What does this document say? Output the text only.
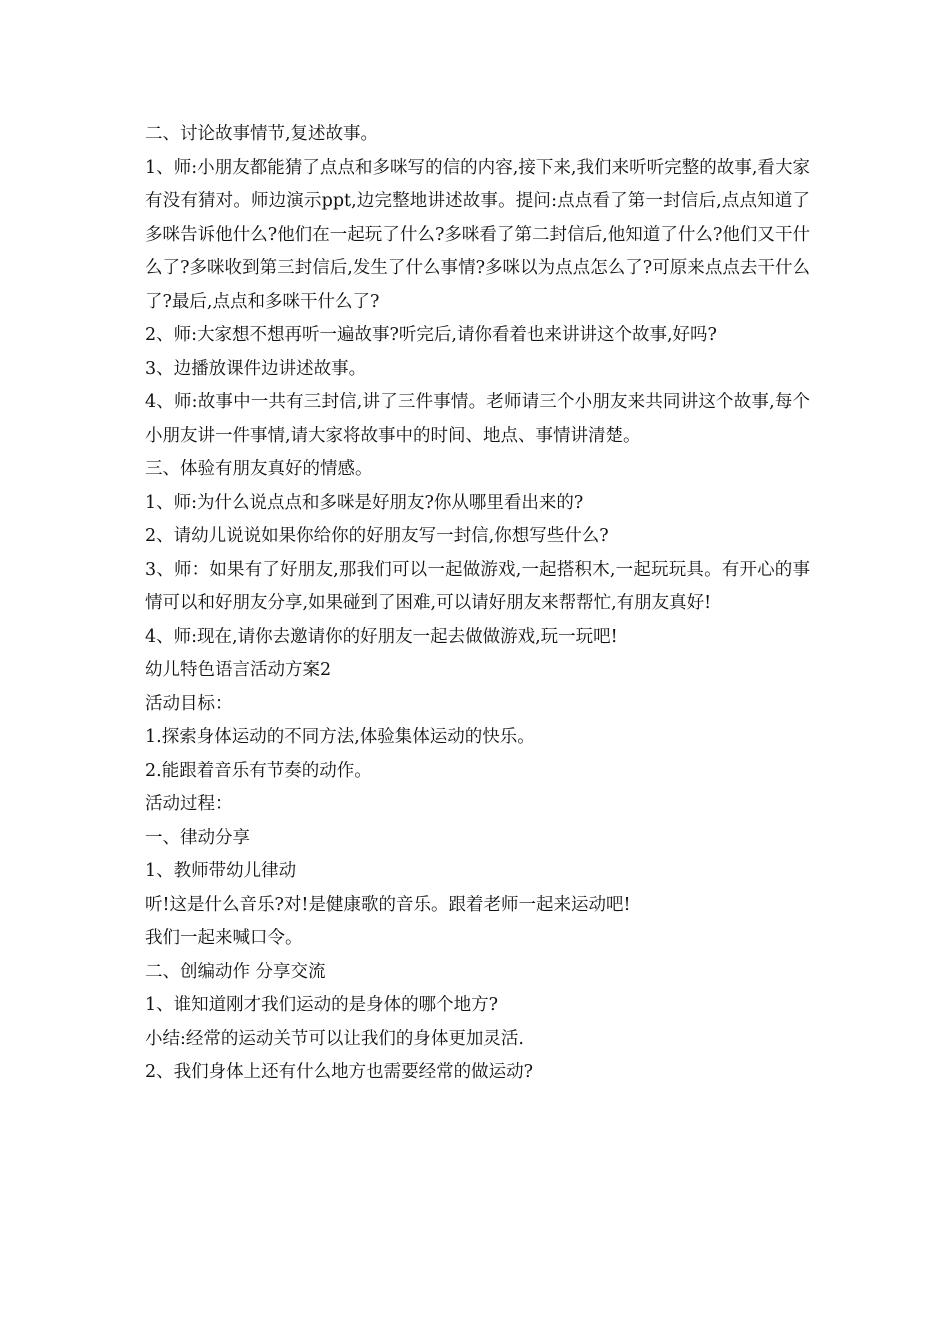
二、讨论故事情节,复述故事。

1、师:小朋友都能猜了点点和多咪写的信的内容,接下来,我们来听听完整的故事,看大家有没有猜对。师边演示ppt,边完整地讲述故事。提问:点点看了第一封信后,点点知道了多咪告诉他什么?他们在一起玩了什么?多咪看了第二封信后,他知道了什么?他们又干什么了?多咪收到第三封信后,发生了什么事情?多咪以为点点怎么了?可原来点点去干什么了?最后,点点和多咪干什么了?

2、师:大家想不想再听一遍故事?听完后,请你看着也来讲讲这个故事,好吗?

3、边播放课件边讲述故事。

4、师:故事中一共有三封信,讲了三件事情。老师请三个小朋友来共同讲这个故事,每个小朋友讲一件事情,请大家将故事中的时间、地点、事情讲清楚。

三、体验有朋友真好的情感。

1、师:为什么说点点和多咪是好朋友?你从哪里看出来的?

2、请幼儿说说如果你给你的好朋友写一封信,你想写些什么?

3、师：如果有了好朋友,那我们可以一起做游戏,一起搭积木,一起玩玩具。有开心的事情可以和好朋友分享,如果碰到了困难,可以请好朋友来帮帮忙,有朋友真好!

4、师:现在,请你去邀请你的好朋友一起去做做游戏,玩一玩吧!

幼儿特色语言活动方案2

活动目标：

1.探索身体运动的不同方法,体验集体运动的快乐。

2.能跟着音乐有节奏的动作。

活动过程：

一、律动分享

1、教师带幼儿律动

听!这是什么音乐?对!是健康歌的音乐。跟着老师一起来运动吧!

我们一起来喊口令。

二、创编动作 分享交流

1、谁知道刚才我们运动的是身体的哪个地方?

小结:经常的运动关节可以让我们的身体更加灵活.

2、我们身体上还有什么地方也需要经常的做运动?
